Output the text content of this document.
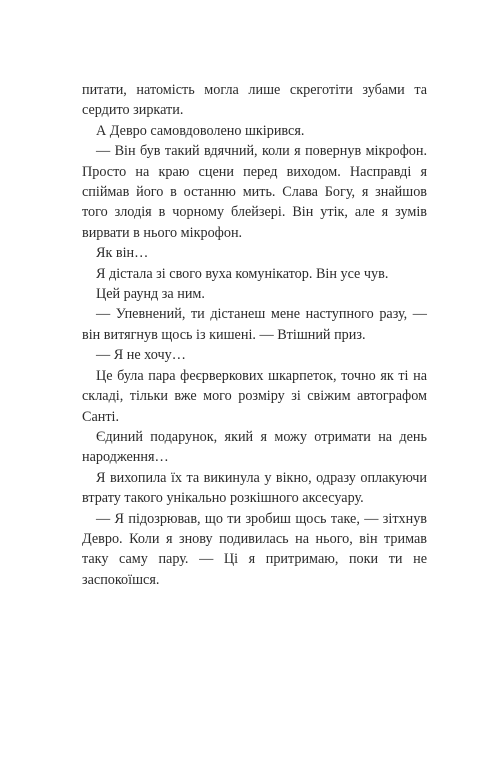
питати, натомість могла лише скреготіти зубами та сердито зиркати.

А Девро самовдоволено шкірився.

— Він був такий вдячний, коли я повернув мікрофон. Просто на краю сцени перед виходом. Насправді я спіймав його в останню мить. Слава Богу, я знайшов того злодія в чорному блейзері. Він утік, але я зумів вирвати в нього мікрофон.

Як він…

Я дістала зі свого вуха комунікатор. Він усе чув.

Цей раунд за ним.

— Упевнений, ти дістанеш мене наступного разу, — він витягнув щось із кишені. — Втішний приз.

— Я не хочу…

Це була пара феєрверкових шкарпеток, точно як ті на складі, тільки вже мого розміру зі свіжим автографом Санті.

Єдиний подарунок, який я можу отримати на день народження…

Я вихопила їх та викинула у вікно, одразу оплакуючи втрату такого унікально розкішного аксесуару.

— Я підозрював, що ти зробиш щось таке, — зітхнув Девро. Коли я знову подивилась на нього, він тримав таку саму пару. — Ці я притримаю, поки ти не заспокоїшся.
